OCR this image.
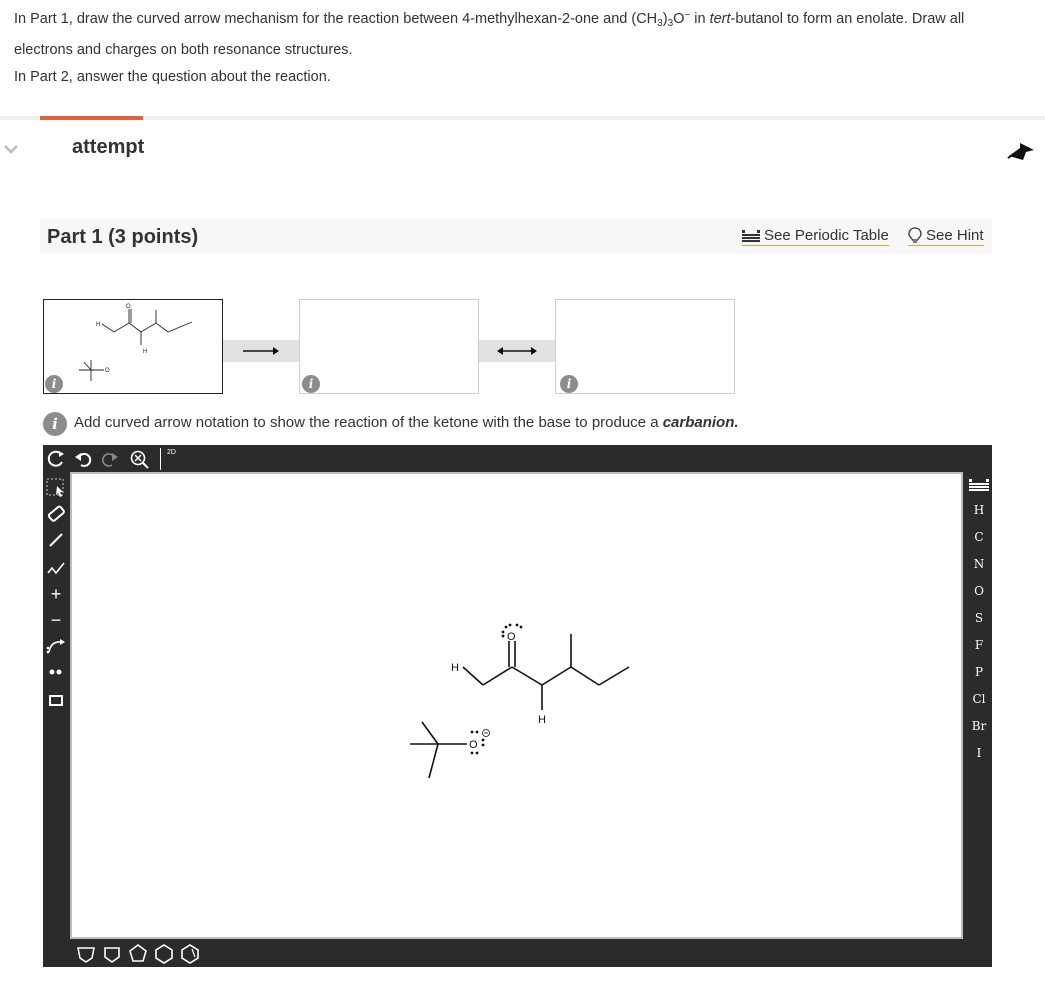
In Part 1, draw the curved arrow mechanism for the reaction between 4-methylhexan-2-one and $(CH_3)_3O^-$ in tert-butanol to form an enolate. Draw all electrons and charges on both resonance structures.

In Part 2, answer the question about the reaction.

attempt
Part 1 (3 points)	See Periodic Table See Hint
H
O
H
O
i	i	i
i	Add curved arrow notation to show the reaction of the ketone with the base to produce a carbanion.
2D
+
−
H
O
H
O
H
C
N
O
S
F
P
Cl
Br
I
